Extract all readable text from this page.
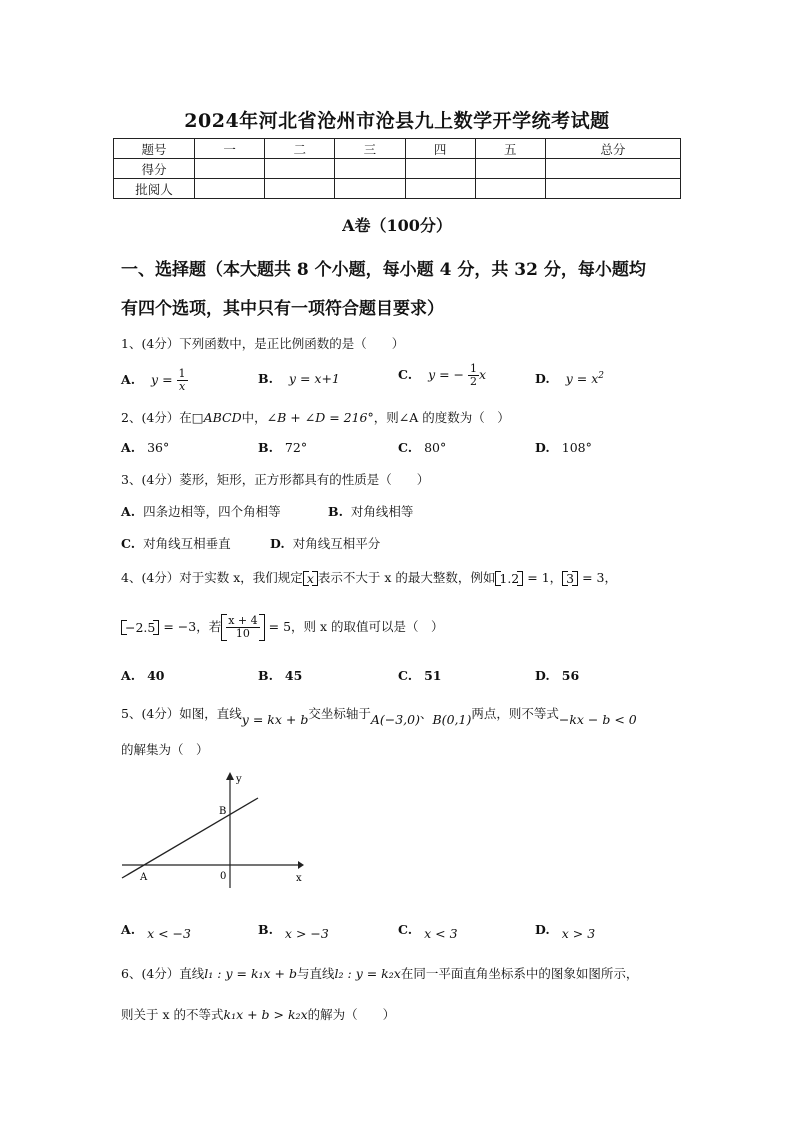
2024年河北省沧州市沧县九上数学开学统考试题
题号	一	二	三	四	五	总分
得分						
批阅人						
A卷（100分）
一、选择题（本大题共 8 个小题，每小题 4 分，共 32 分，每小题均
有四个选项，其中只有一项符合题目要求）
1、(4分）下列函数中，是正比例函数的是（　　）
A. $y = \frac{1}{x}$	B. y = x+1	C. y = − $\frac{1}{2}$ x	D. $y = x^2$
2、(4分）在□ABCD中，∠B + ∠D = 216°，则∠A 的度数为（　）
A. 36°	B. 72°	C. 80°	D. 108°
3、(4分）菱形，矩形，正方形都具有的性质是（　　）
A. 四条边相等，四个角相等	B. 对角线相等
C. 对角线互相垂直	D. 对角线互相平分
4、(4分）对于实数 x，我们规定 x 表示不大于 x 的最大整数，例如 1.2 = 1， 3 = 3，
−2.5 = −3，若 $\frac{x + 4}{10} = 5$，则 x 的取值可以是（　）
A. 40	B. 45	C. 51	D. 56
5、(4分）如图，直线y = kx + b交坐标轴于A(−3,0)、B(0,1)两点，则不等式−kx − b < 0
的解集为（　）
y
x
0
A
B
A. x < −3	B. x > −3	C. x < 3	D. x > 3
6、(4分）直线l₁ : y = k₁x + b与直线l₂ : y = k₂x在同一平面直角坐标系中的图象如图所示，
则关于 x 的不等式k₁x + b > k₂x的解为（　　）
